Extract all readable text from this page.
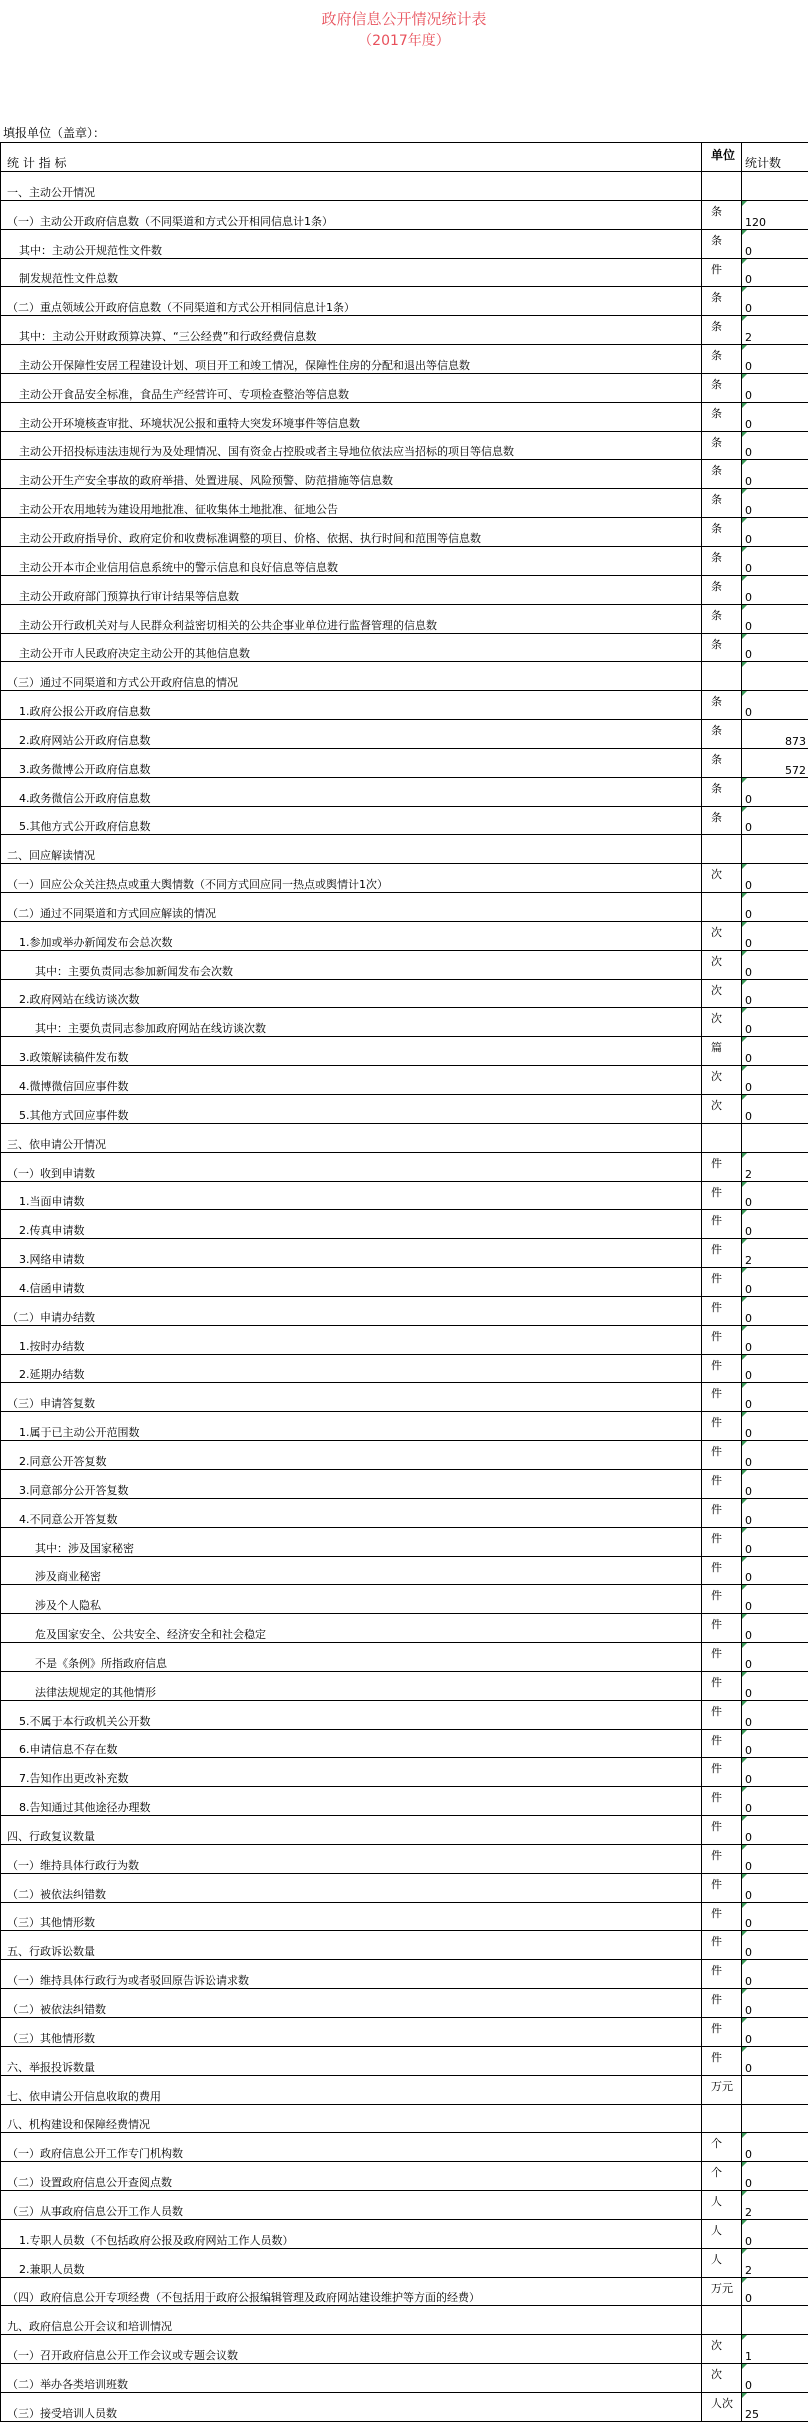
政府信息公开情况统计表
（2017年度）
填报单位（盖章）：
统 计 指 标	单位	统计数
一、主动公开情况		
（一）主动公开政府信息数（不同渠道和方式公开相同信息计1条）	条	120

其中：主动公开规范性文件数	条	0

制发规范性文件总数	件	0

（二）重点领域公开政府信息数（不同渠道和方式公开相同信息计1条）	条	0

其中：主动公开财政预算决算、“三公经费”和行政经费信息数	条	2

主动公开保障性安居工程建设计划、项目开工和竣工情况，保障性住房的分配和退出等信息数	条	0

主动公开食品安全标准，食品生产经营许可、专项检查整治等信息数	条	0

主动公开环境核查审批、环境状况公报和重特大突发环境事件等信息数	条	0

主动公开招投标违法违规行为及处理情况、国有资金占控股或者主导地位依法应当招标的项目等信息数	条	0

主动公开生产安全事故的政府举措、处置进展、风险预警、防范措施等信息数	条	0

主动公开农用地转为建设用地批准、征收集体土地批准、征地公告	条	0

主动公开政府指导价、政府定价和收费标准调整的项目、价格、依据、执行时间和范围等信息数	条	0

主动公开本市企业信用信息系统中的警示信息和良好信息等信息数	条	0

主动公开政府部门预算执行审计结果等信息数	条	0

主动公开行政机关对与人民群众利益密切相关的公共企事业单位进行监督管理的信息数	条	0

主动公开市人民政府决定主动公开的其他信息数	条	0

（三）通过不同渠道和方式公开政府信息的情况		

1.政府公报公开政府信息数	条	0

2.政府网站公开政府信息数	条	873
3.政务微博公开政府信息数	条	572
4.政务微信公开政府信息数	条	0

5.其他方式公开政府信息数	条	0

二、回应解读情况		
（一）回应公众关注热点或重大舆情数（不同方式回应同一热点或舆情计1次）	次	0

（二）通过不同渠道和方式回应解读的情况		0

1.参加或举办新闻发布会总次数	次	0

其中：主要负责同志参加新闻发布会次数	次	0

2.政府网站在线访谈次数	次	0

其中：主要负责同志参加政府网站在线访谈次数	次	0

3.政策解读稿件发布数	篇	0

4.微博微信回应事件数	次	0

5.其他方式回应事件数	次	0

三、依申请公开情况		
（一）收到申请数	件	2

1.当面申请数	件	0

2.传真申请数	件	0

3.网络申请数	件	2

4.信函申请数	件	0

（二）申请办结数	件	0

1.按时办结数	件	0

2.延期办结数	件	0

（三）申请答复数	件	0

1.属于已主动公开范围数	件	0

2.同意公开答复数	件	0

3.同意部分公开答复数	件	0

4.不同意公开答复数	件	0

其中：涉及国家秘密	件	0

涉及商业秘密	件	0

涉及个人隐私	件	0

危及国家安全、公共安全、经济安全和社会稳定	件	0

不是《条例》所指政府信息	件	0

法律法规规定的其他情形	件	0

5.不属于本行政机关公开数	件	0

6.申请信息不存在数	件	0

7.告知作出更改补充数	件	0

8.告知通过其他途径办理数	件	0

四、行政复议数量	件	0

（一）维持具体行政行为数	件	0

（二）被依法纠错数	件	0

（三）其他情形数	件	0

五、行政诉讼数量	件	0

（一）维持具体行政行为或者驳回原告诉讼请求数	件	0

（二）被依法纠错数	件	0

（三）其他情形数	件	0

六、举报投诉数量	件	0

七、依申请公开信息收取的费用	万元	
八、机构建设和保障经费情况		
（一）政府信息公开工作专门机构数	个	0

（二）设置政府信息公开查阅点数	个	0

（三）从事政府信息公开工作人员数	人	2

1.专职人员数（不包括政府公报及政府网站工作人员数）	人	0

2.兼职人员数	人	2

（四）政府信息公开专项经费（不包括用于政府公报编辑管理及政府网站建设维护等方面的经费）	万元	0

九、政府信息公开会议和培训情况		
（一）召开政府信息公开工作会议或专题会议数	次	1

（二）举办各类培训班数	次	0

（三）接受培训人员数	人次	25
